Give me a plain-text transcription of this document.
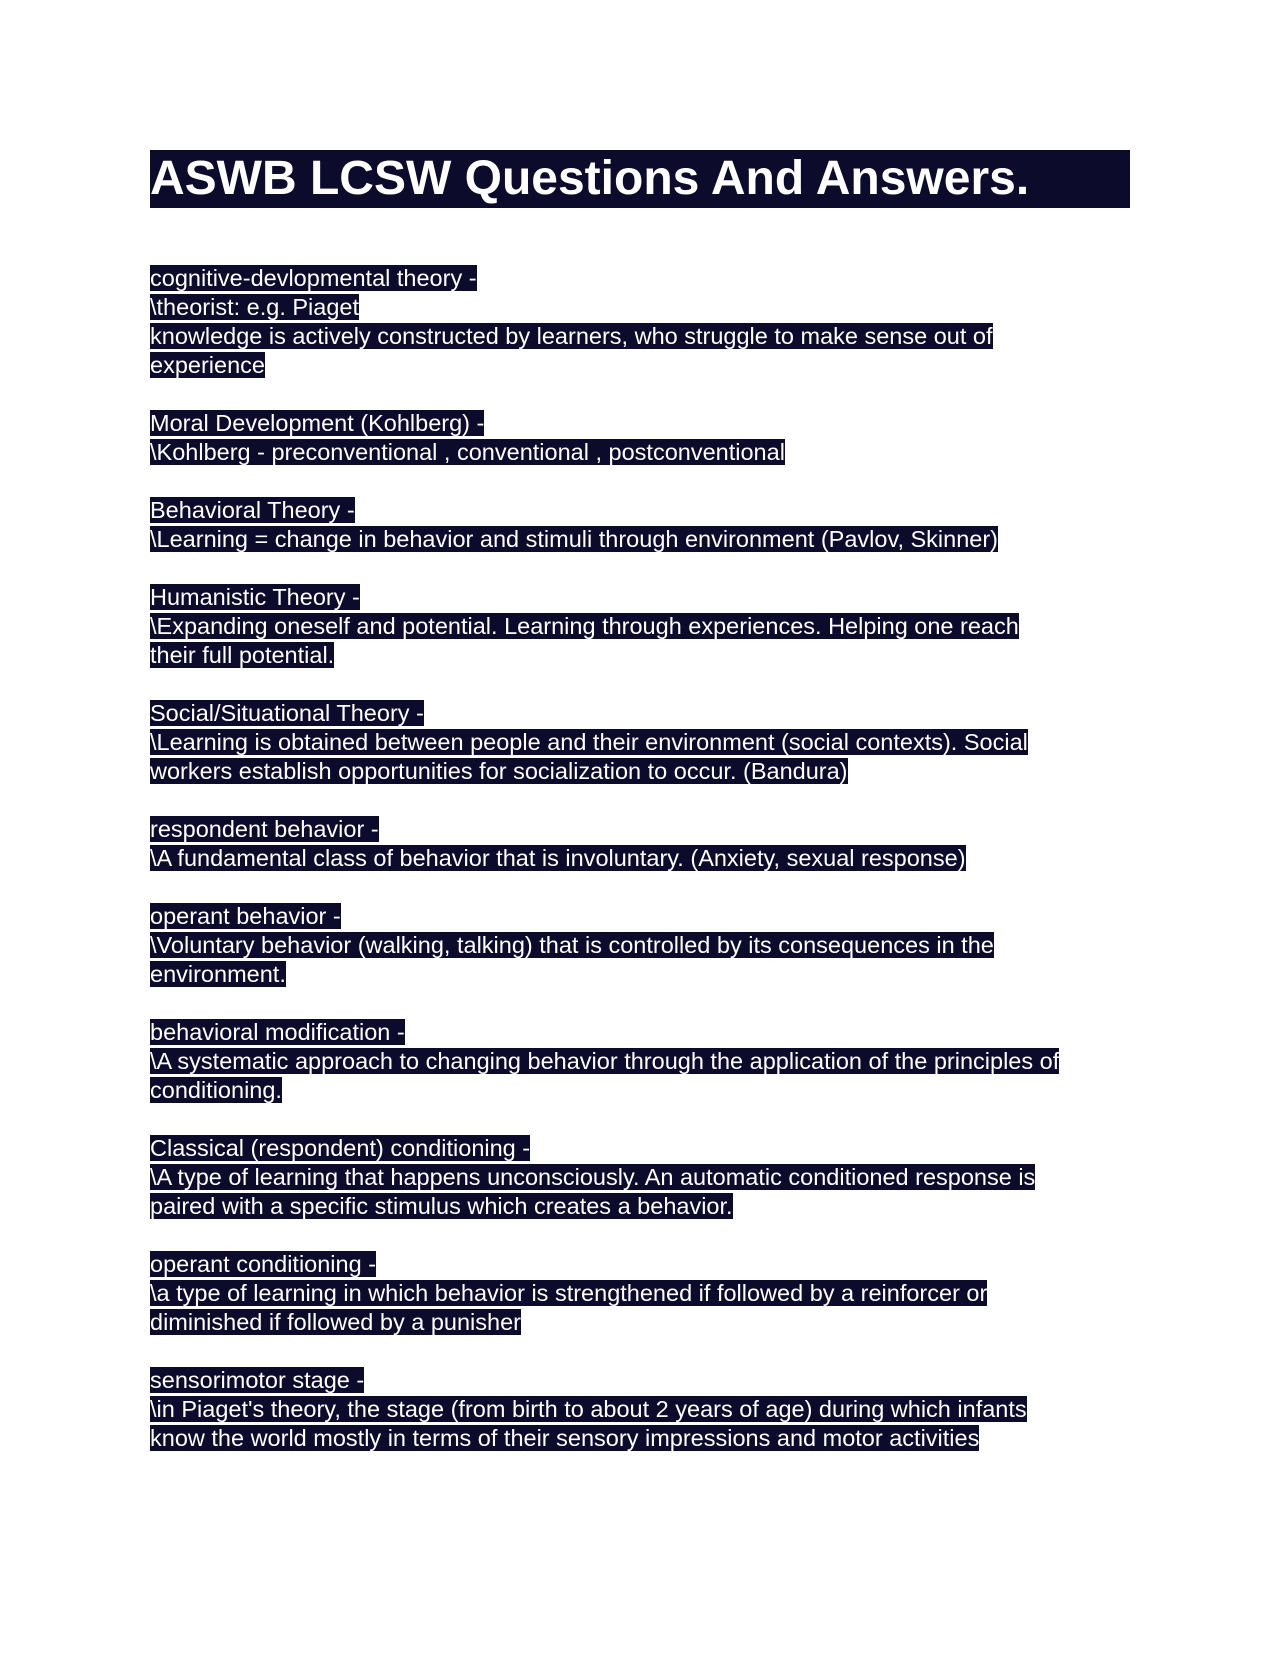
ASWB LCSW Questions And Answers.
cognitive-devlopmental theory -
\theorist: e.g. Piaget
knowledge is actively constructed by learners, who struggle to make sense out of experience
Moral Development (Kohlberg) -
\Kohlberg - preconventional , conventional , postconventional
Behavioral Theory -
\Learning = change in behavior and stimuli through environment (Pavlov, Skinner)
Humanistic Theory -
\Expanding oneself and potential. Learning through experiences. Helping one reach their full potential.
Social/Situational Theory -
\Learning is obtained between people and their environment (social contexts). Social workers establish opportunities for socialization to occur. (Bandura)
respondent behavior -
\A fundamental class of behavior that is involuntary. (Anxiety, sexual response)
operant behavior -
\Voluntary behavior (walking, talking) that is controlled by its consequences in the environment.
behavioral modification -
\A systematic approach to changing behavior through the application of the principles of conditioning.
Classical (respondent) conditioning -
\A type of learning that happens unconsciously. An automatic conditioned response is paired with a specific stimulus which creates a behavior.
operant conditioning -
\a type of learning in which behavior is strengthened if followed by a reinforcer or diminished if followed by a punisher
sensorimotor stage -
\in Piaget's theory, the stage (from birth to about 2 years of age) during which infants know the world mostly in terms of their sensory impressions and motor activities
